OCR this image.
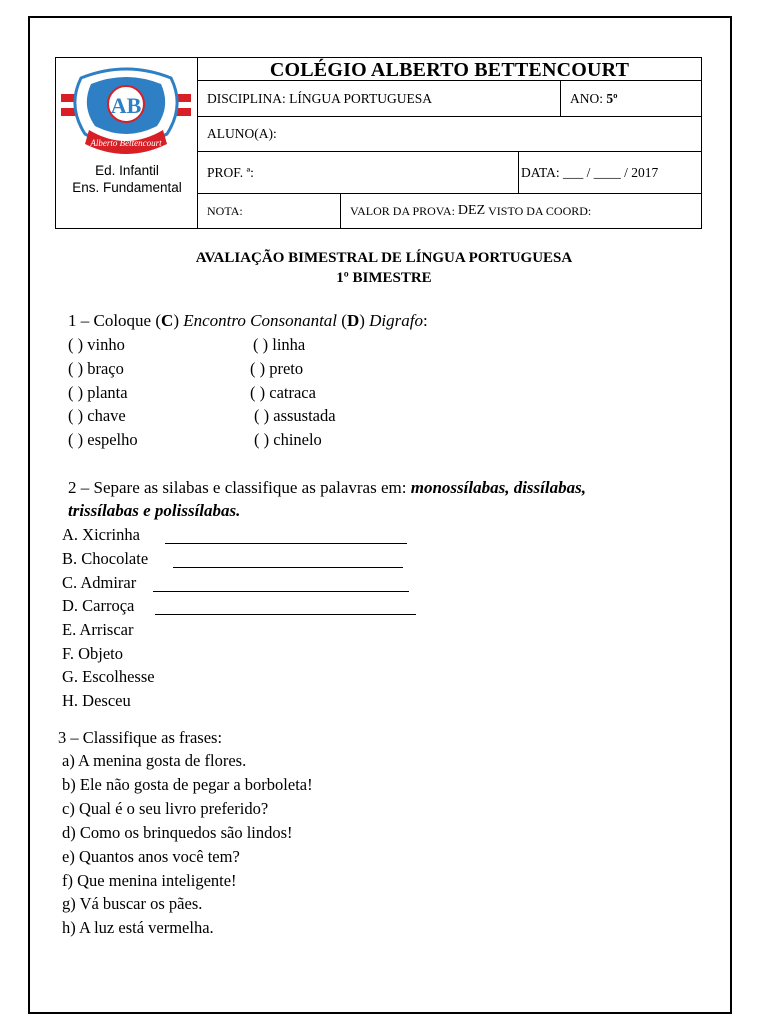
AB
Alberto Bettencourt
Ed. Infantil
Ens. Fundamental
COLÉGIO ALBERTO BETTENCOURT
DISCIPLINA: LÍNGUA PORTUGUESA	ANO:
5º
ALUNO(A):
PROF. ª:	DATA: ___ / ____ / 2017
NOTA:	VALOR DA PROVA:
DEZ
VISTO DA COORD:
AVALIAÇÃO BIMESTRAL DE LÍNGUA PORTUGUESA
1º BIMESTRE
1 – Coloque (C) Encontro Consonantal (D) Digrafo:
( ) vinho
( ) braço
( ) planta
( ) chave
( ) espelho
( ) linha
( ) preto
( ) catraca
( ) assustada
( ) chinelo
2 – Separe as silabas e classifique as palavras em: monossílabas, dissílabas,
trissílabas e polissílabas.
A. Xicrinha
B. Chocolate
C. Admirar
D. Carroça
E. Arriscar
F. Objeto
G. Escolhesse
H. Desceu
3 – Classifique as frases:
a) A menina gosta de flores.
b) Ele não gosta de pegar a borboleta!
c) Qual é o seu livro preferido?
d) Como os brinquedos são lindos!
e) Quantos anos você tem?
f) Que menina inteligente!
g) Vá buscar os pães.
h) A luz está vermelha.
